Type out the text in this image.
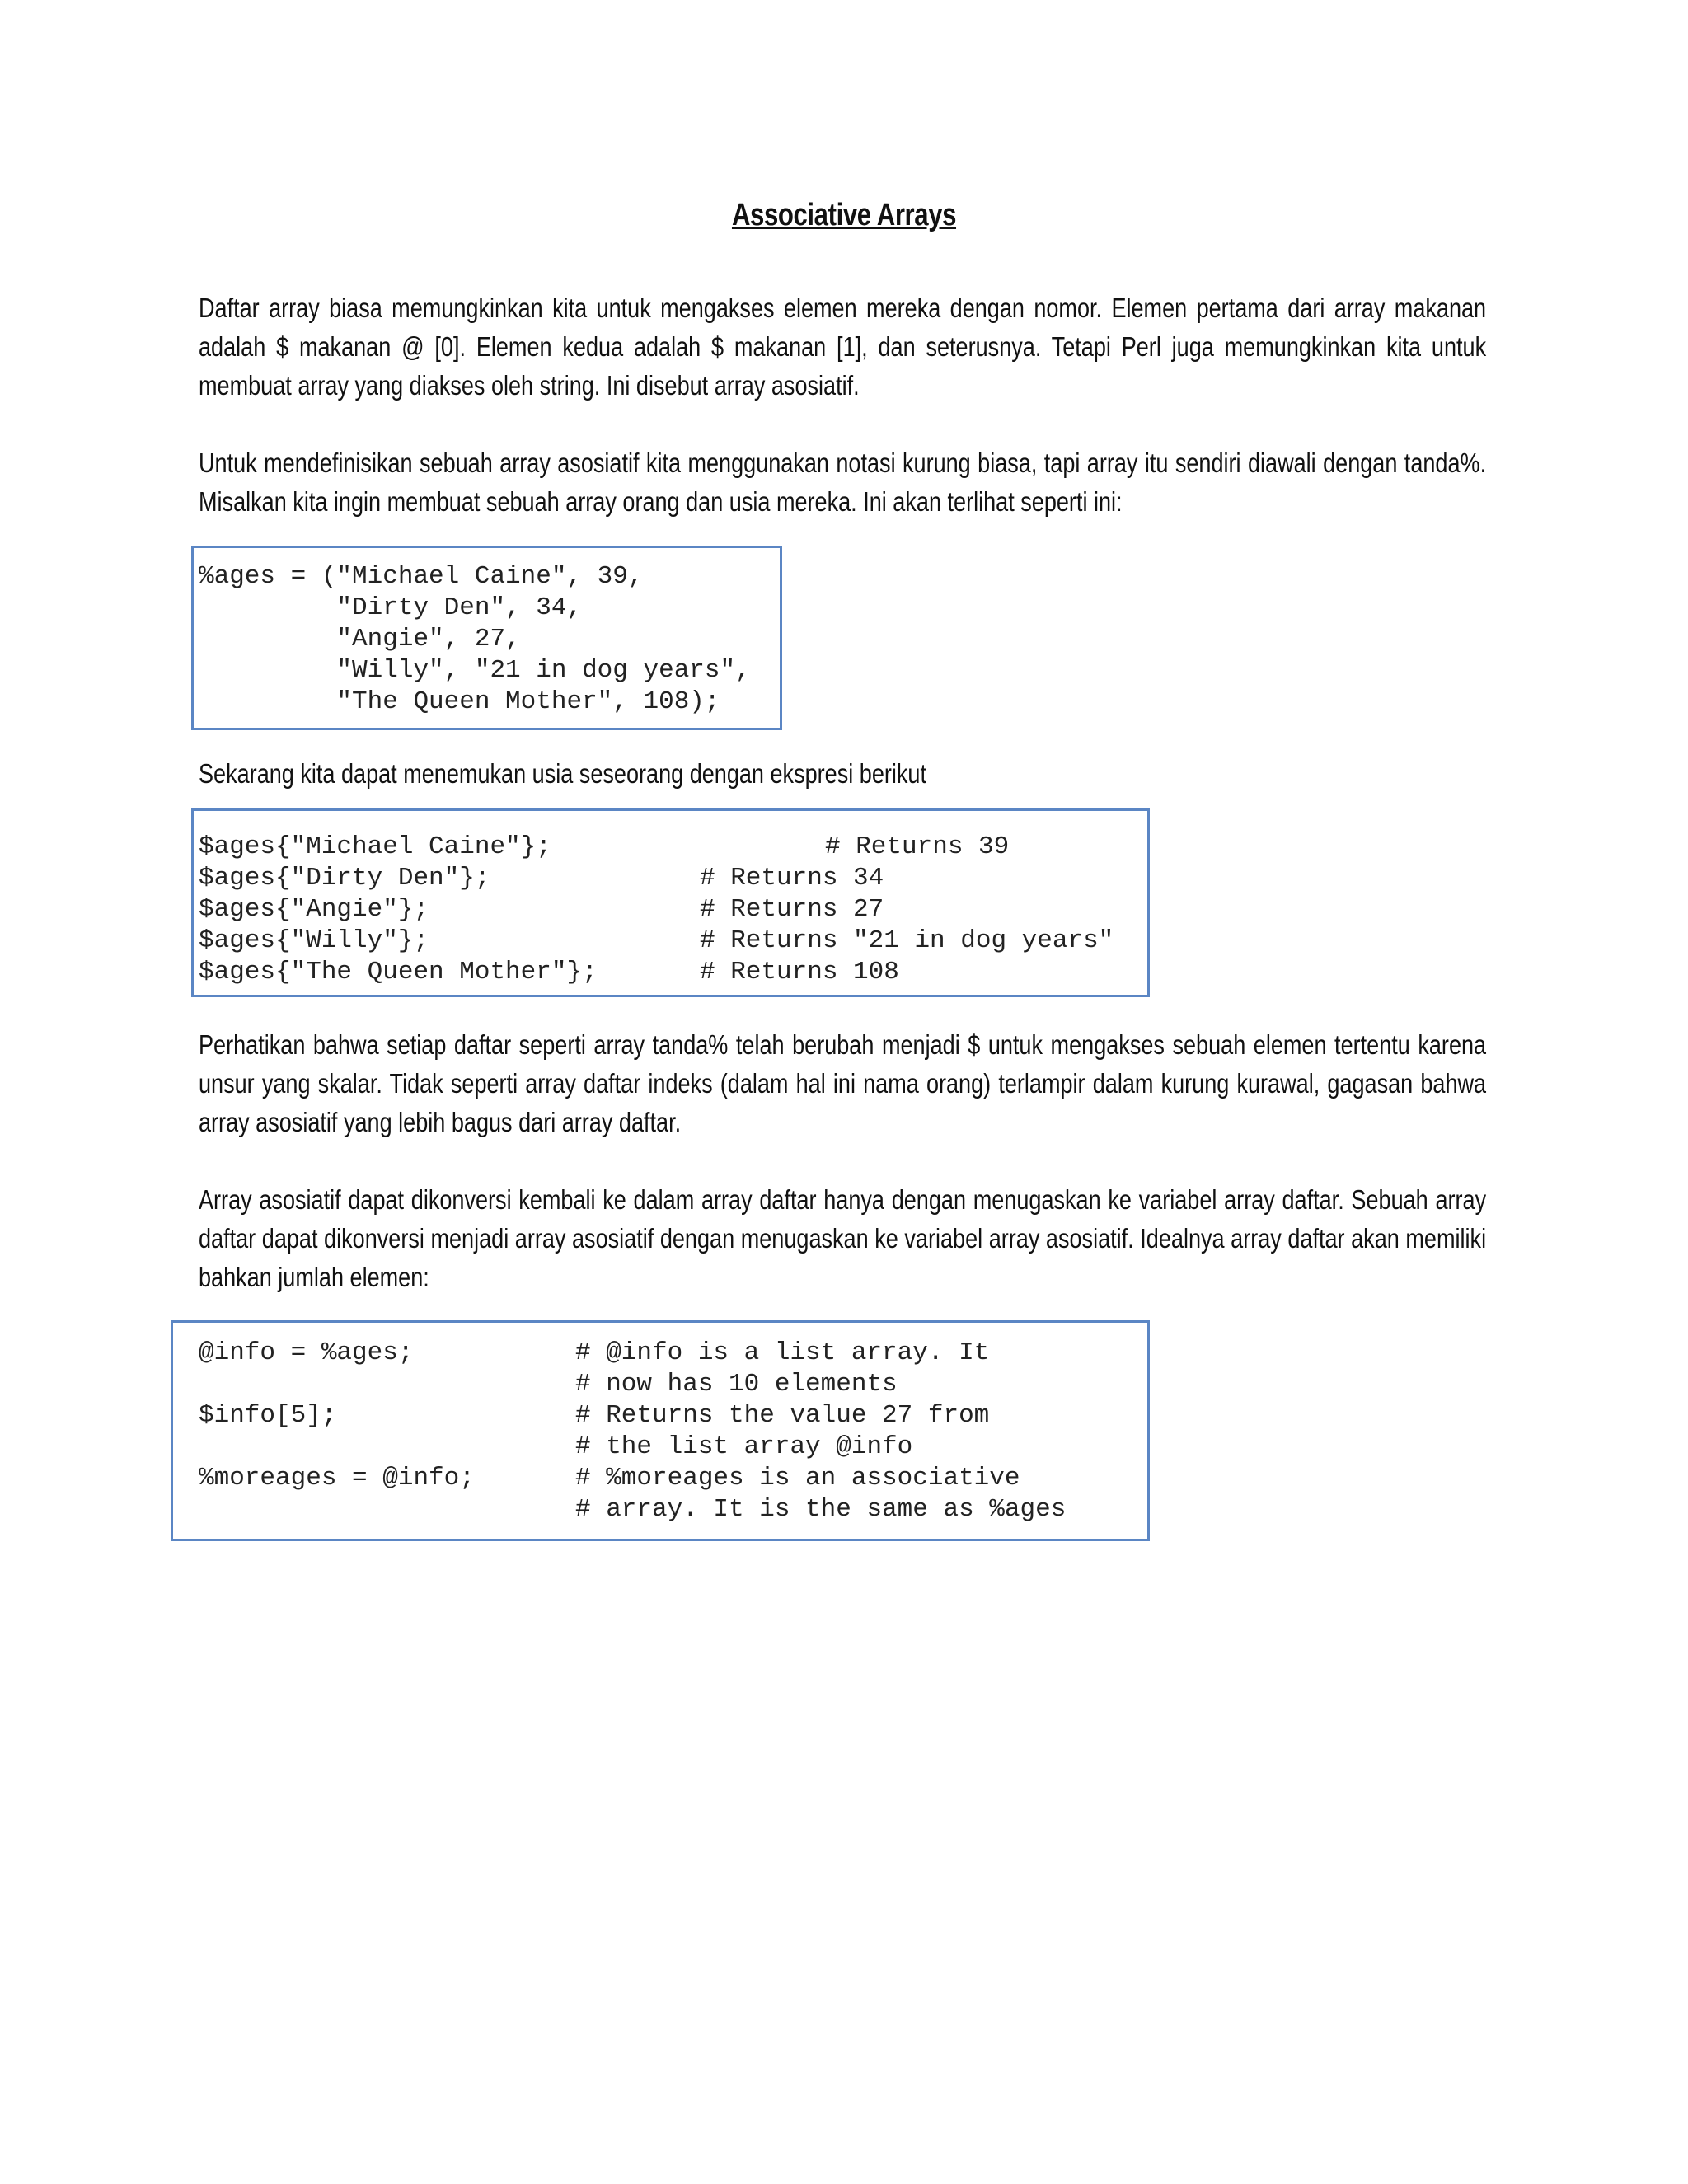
Associative Arrays
Daftar array biasa memungkinkan kita untuk mengakses elemen mereka dengan nomor. Elemen pertama dari array makanan adalah $ makanan @ [0]. Elemen kedua adalah $ makanan [1], dan seterusnya. Tetapi Perl juga memungkinkan kita untuk membuat array yang diakses oleh string. Ini disebut array asosiatif.
Untuk mendefinisikan sebuah array asosiatif kita menggunakan notasi kurung biasa, tapi array itu sendiri diawali dengan tanda%. Misalkan kita ingin membuat sebuah array orang dan usia mereka. Ini akan terlihat seperti ini:
%ages = ("Michael Caine", 39,
"Dirty Den", 34,
"Angie", 27,
"Willy", "21 in dog years",
"The Queen Mother", 108);
Sekarang kita dapat menemukan usia seseorang dengan ekspresi berikut
$ages{"Michael Caine"};	# Returns 39
$ages{"Dirty Den"};	# Returns 34
$ages{"Angie"};	# Returns 27
$ages{"Willy"};	# Returns "21 in dog years"
$ages{"The Queen Mother"};	# Returns 108
Perhatikan bahwa setiap daftar seperti array tanda% telah berubah menjadi $ untuk mengakses sebuah elemen tertentu karena unsur yang skalar. Tidak seperti array daftar indeks (dalam hal ini nama orang) terlampir dalam kurung kurawal, gagasan bahwa array asosiatif yang lebih bagus dari array daftar.
Array asosiatif dapat dikonversi kembali ke dalam array daftar hanya dengan menugaskan ke variabel array daftar. Sebuah array daftar dapat dikonversi menjadi array asosiatif dengan menugaskan ke variabel array asosiatif. Idealnya array daftar akan memiliki bahkan jumlah elemen:
@info = %ages;	# @info is a list array. It
# now has 10 elements
$info[5];	# Returns the value 27 from
# the list array @info
%moreages = @info;	# %moreages is an associative
# array. It is the same as %ages
